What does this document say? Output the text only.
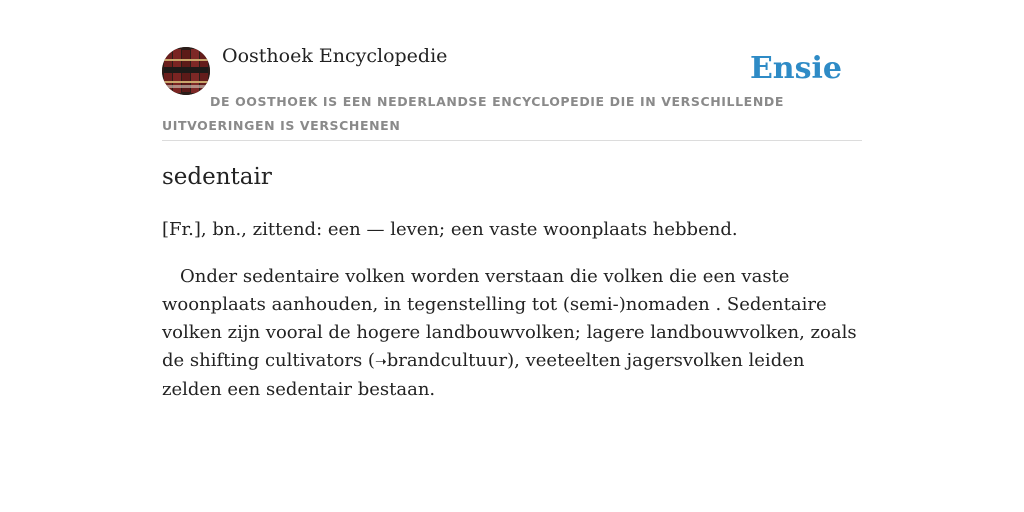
Oosthoek Encyclopedie	Ensie
DE OOSTHOEK IS EEN NEDERLANDSE ENCYCLOPEDIE DIE IN VERSCHILLENDE UITVOERINGEN IS VERSCHENEN
sedentair

[Fr.], bn., zittend: een — leven; een vaste woonplaats hebbend.

Onder sedentaire volken worden verstaan die volken die een vaste woonplaats aanhouden, in tegenstelling tot (semi-)nomaden . Sedentaire volken zijn vooral de hogere landbouwvolken; lagere landbouwvolken, zoals de shifting cultivators (➝brandcultuur), veeteelten jagersvolken leiden zelden een sedentair bestaan.
